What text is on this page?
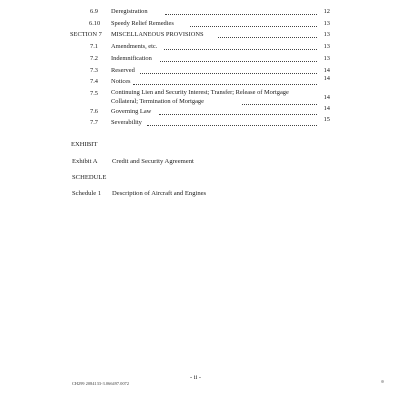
6.9 Deregistration	12
6.10 Speedy Relief Remedies	13
SECTION 7 MISCELLANEOUS PROVISIONS	13
7.1 Amendments, etc.	13
7.2 Indemnification	13
7.3 Reserved	14
7.4 Notices	14
7.5 Continuing Lien and Security Interest; Transfer; Release of Mortgage Collateral; Termination of Mortgage	14
7.6 Governing Law	14
7.7 Severability	15
EXHIBIT
Exhibit A Credit and Security Agreement
SCHEDULE
Schedule 1 Description of Aircraft and Engines
- ii -
CH299 2084133-3.066497.0072
